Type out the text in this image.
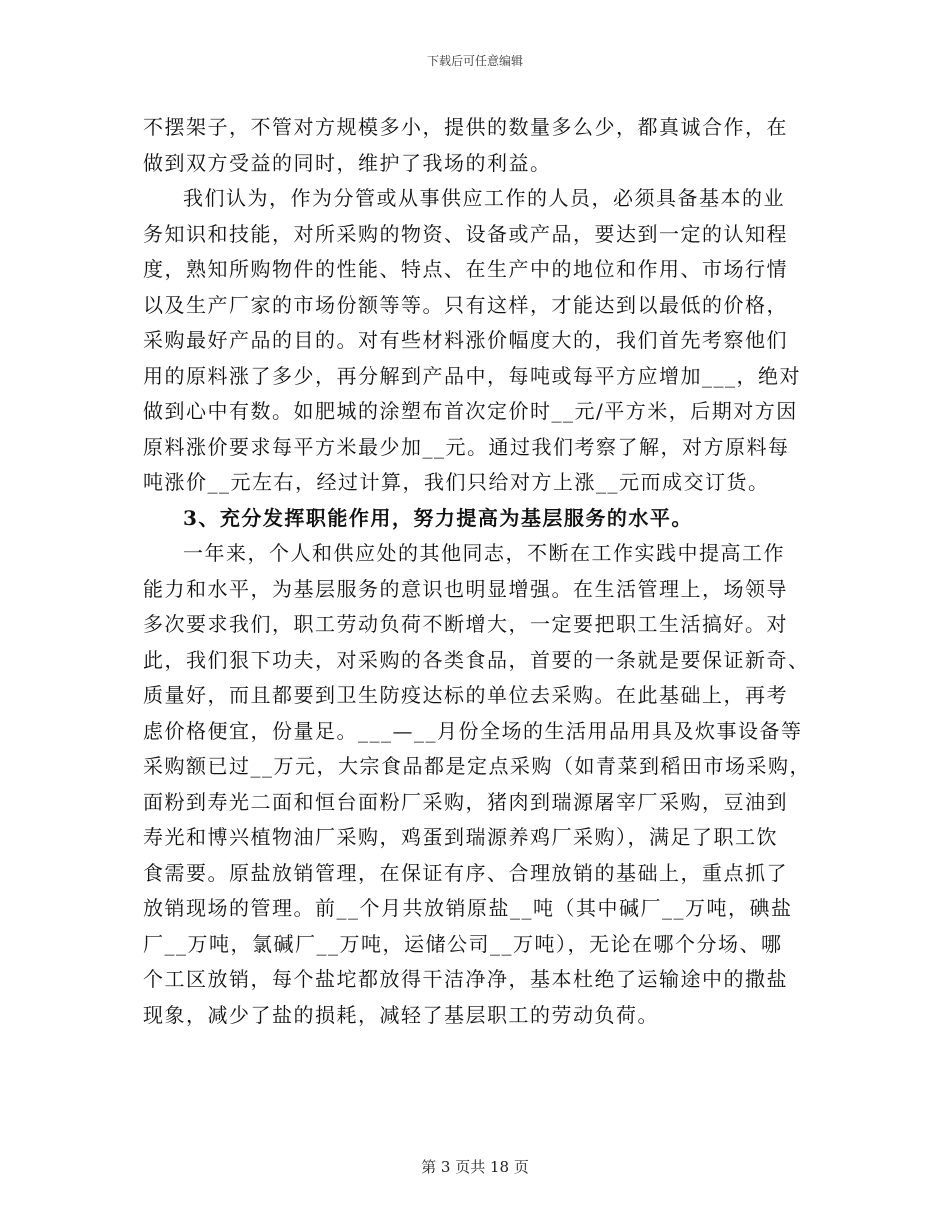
下载后可任意编辑
不摆架子，不管对方规模多小，提供的数量多么少，都真诚合作，在
做到双方受益的同时，维护了我场的利益。
我们认为，作为分管或从事供应工作的人员，必须具备基本的业
务知识和技能，对所采购的物资、设备或产品，要达到一定的认知程
度，熟知所购物件的性能、特点、在生产中的地位和作用、市场行情
以及生产厂家的市场份额等等。只有这样，才能达到以最低的价格，
采购最好产品的目的。对有些材料涨价幅度大的，我们首先考察他们
用的原料涨了多少，再分解到产品中，每吨或每平方应增加___，绝对
做到心中有数。如肥城的涂塑布首次定价时__元/平方米，后期对方因
原料涨价要求每平方米最少加__元。通过我们考察了解，对方原料每
吨涨价__元左右，经过计算，我们只给对方上涨__元而成交订货。
3、充分发挥职能作用，努力提高为基层服务的水平。
一年来，个人和供应处的其他同志，不断在工作实践中提高工作
能力和水平，为基层服务的意识也明显增强。在生活管理上，场领导
多次要求我们，职工劳动负荷不断增大，一定要把职工生活搞好。对
此，我们狠下功夫，对采购的各类食品，首要的一条就是要保证新奇、
质量好，而且都要到卫生防疫达标的单位去采购。在此基础上，再考
虑价格便宜，份量足。___—__月份全场的生活用品用具及炊事设备等
采购额已过__万元，大宗食品都是定点采购（如青菜到稻田市场采购，
面粉到寿光二面和恒台面粉厂采购，猪肉到瑞源屠宰厂采购，豆油到
寿光和博兴植物油厂采购，鸡蛋到瑞源养鸡厂采购），满足了职工饮
食需要。原盐放销管理，在保证有序、合理放销的基础上，重点抓了
放销现场的管理。前__个月共放销原盐__吨（其中碱厂__万吨，碘盐
厂__万吨，氯碱厂__万吨，运储公司__万吨），无论在哪个分场、哪
个工区放销，每个盐坨都放得干洁净净，基本杜绝了运输途中的撒盐
现象，减少了盐的损耗，减轻了基层职工的劳动负荷。
第 3 页共 18 页
